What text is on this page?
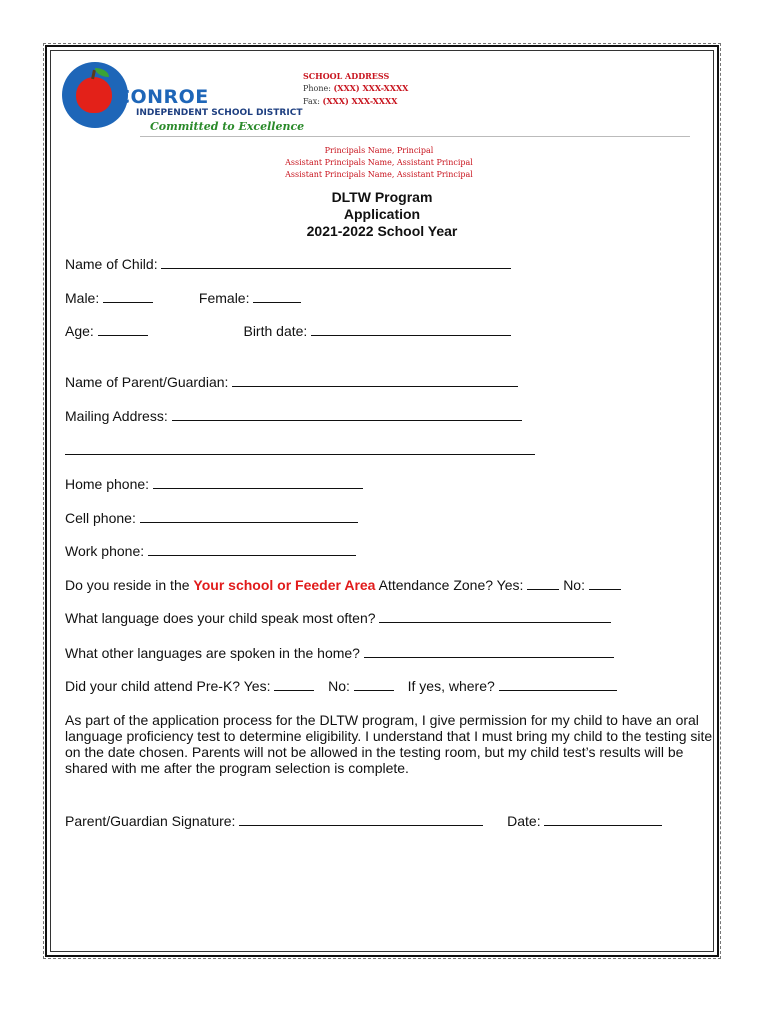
CONROE
INDEPENDENT SCHOOL DISTRICT
Committed to Excellence
SCHOOL ADDRESS
Phone: (XXX) XXX-XXXX
Fax: (XXX) XXX-XXXX
Principals Name, Principal
Assistant Principals Name, Assistant Principal
Assistant Principals Name, Assistant Principal
DLTW Program
Application
2021-2022 School Year
Name of Child:
Male:	Female:
Age:	Birth date:
Name of Parent/Guardian:
Mailing Address:
Home phone:
Cell phone:
Work phone:
Do you reside in the Your school or Feeder Area Attendance Zone? Yes:	No:
What language does your child speak most often?
What other languages are spoken in the home?
Did your child attend Pre-K? Yes:	No:	If yes, where?
As part of the application process for the DLTW program, I give permission for my child to have an oral language proficiency test to determine eligibility. I understand that I must bring my child to the testing site on the date chosen. Parents will not be allowed in the testing room, but my child test’s results will be shared with me after the program selection is complete.
Parent/Guardian Signature:	Date:
